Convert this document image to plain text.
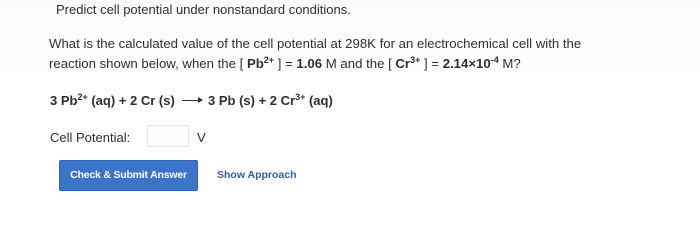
Predict cell potential under nonstandard conditions.
What is the calculated value of the cell potential at 298K for an electrochemical cell with the
reaction shown below, when the [ $Pb^{2+}$ ] = 1.06 M and the [ $Cr^{3+}$ ] = $2.14\times 10^{-4}$ M?
3 $Pb^{2+}$ (aq) + 2 Cr (s) → 3 Pb (s) + 2 $Cr^{3+}$ (aq)
Cell Potential:	V
Check & Submit Answer	Show Approach
